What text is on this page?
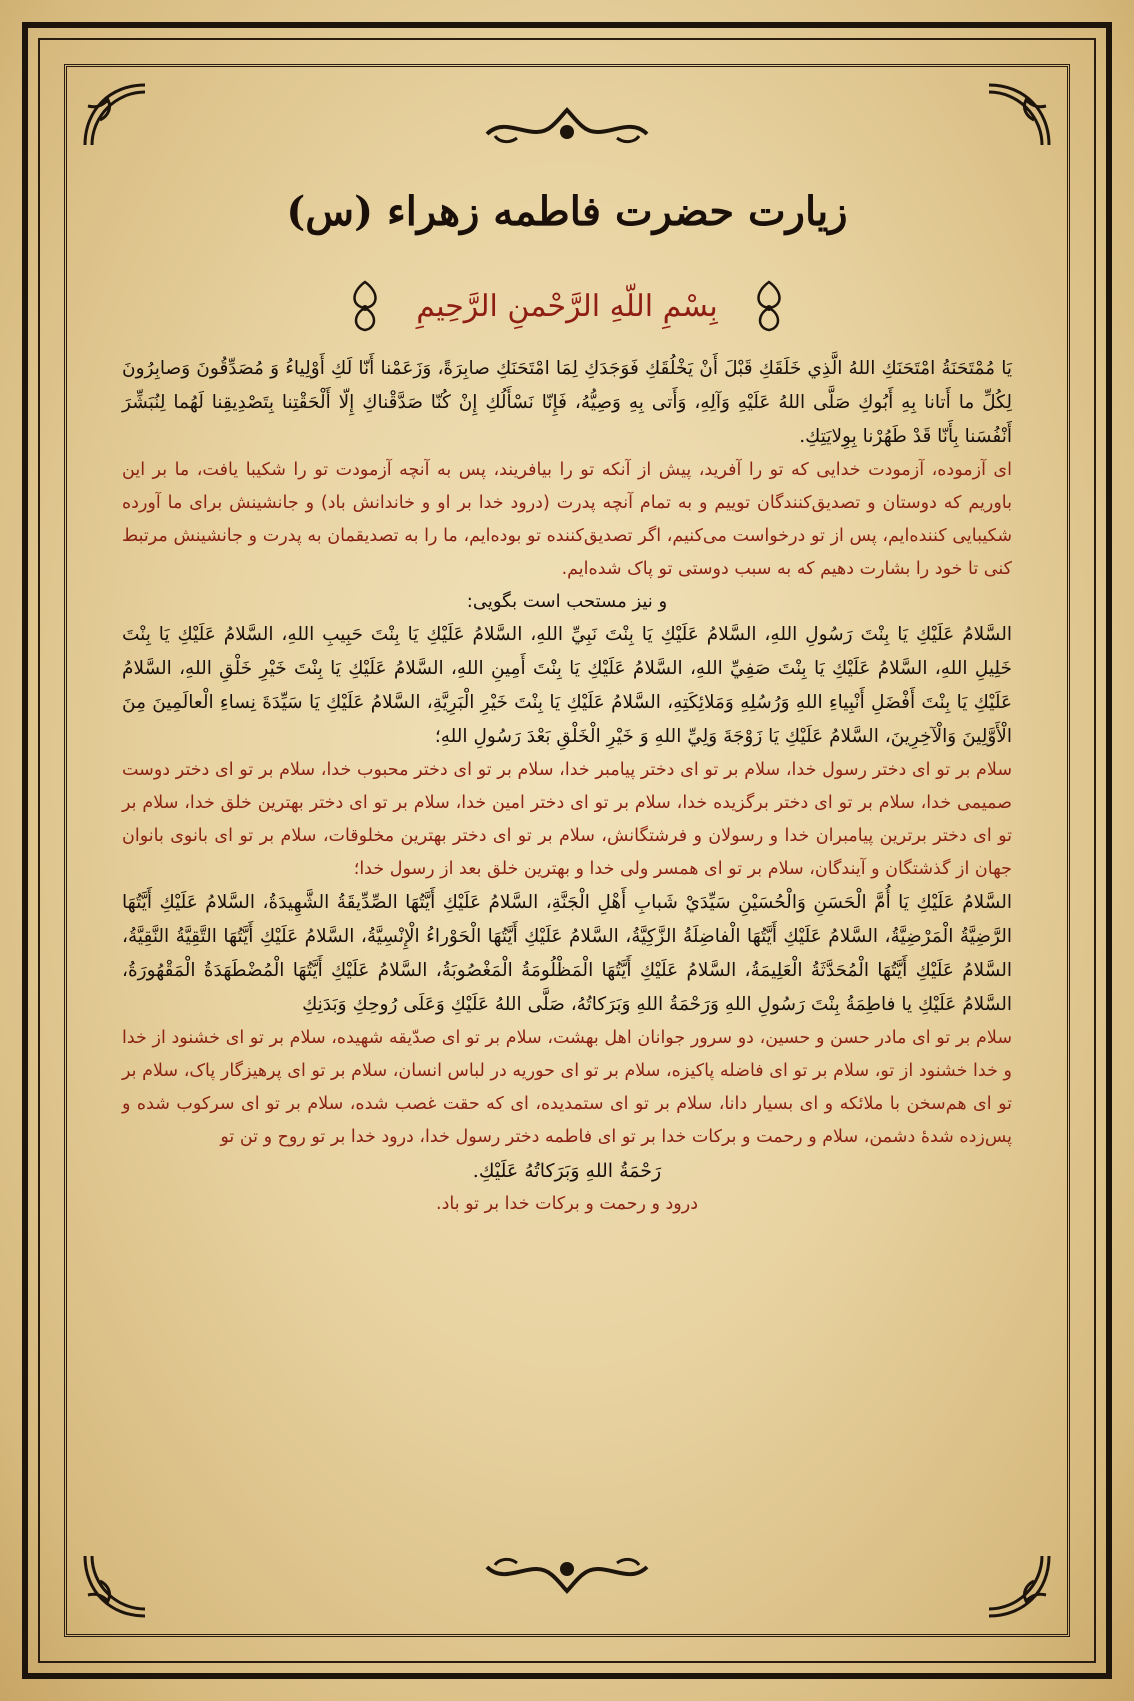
زیارت حضرت فاطمه زهراء (س)
بِسْمِ اللّهِ الرَّحْمنِ الرَّحِيمِ

يَا مُمْتَحَنَةُ امْتَحَنَكِ اللهُ الَّذِي خَلَقَكِ قَبْلَ أَنْ يَخْلُقَكِ فَوَجَدَكِ لِمَا امْتَحَنَكِ صابِرَةً، وَزَعَمْنا أَنّا لَكِ أَوْلِياءُ وَ مُصَدِّقُونَ وَصابِرُونَ لِكُلِّ ما أَتانا بِهِ أَبُوكِ صَلَّى اللهُ عَلَيْهِ وَآلِهِ، وَأَتى بِهِ وَصِيُّهُ، فَإِنّا نَسْأَلُكِ إِنْ كُنّا صَدَّقْناكِ إِلّا أَلْحَقْتِنا بِتَصْدِيقِنا لَهُما لِنُبَشِّرَ أَنْفُسَنا بِأَنّا قَدْ طَهُرْنا بِوِلايَتِكِ.

ای آزموده، آزمودت خدایی که تو را آفرید، پیش از آنکه تو را بیافریند، پس به آنچه آزمودت تو را شکیبا یافت، ما بر این باوریم که دوستان و تصدیق‌کنندگان توییم و به تمام آنچه پدرت (درود خدا بر او و خاندانش باد) و جانشینش برای ما آورده شکیبایی کننده‌ایم، پس از تو درخواست می‌کنیم، اگر تصدیق‌کننده تو بوده‌ایم، ما را به تصدیقمان به پدرت و جانشینش مرتبط کنی تا خود را بشارت دهیم که به سبب دوستی تو پاک شده‌ایم.

و نیز مستحب است بگویی:

السَّلامُ عَلَيْكِ يَا بِنْتَ رَسُولِ اللهِ، السَّلامُ عَلَيْكِ يَا بِنْتَ نَبِيِّ اللهِ، السَّلامُ عَلَيْكِ يَا بِنْتَ حَبِيبِ اللهِ، السَّلامُ عَلَيْكِ يَا بِنْتَ خَلِيلِ اللهِ، السَّلامُ عَلَيْكِ يَا بِنْتَ صَفِيِّ اللهِ، السَّلامُ عَلَيْكِ يَا بِنْتَ أَمِينِ اللهِ، السَّلامُ عَلَيْكِ يَا بِنْتَ خَيْرِ خَلْقِ اللهِ، السَّلامُ عَلَيْكِ يَا بِنْتَ أَفْضَلِ أَنْبِياءِ اللهِ وَرُسُلِهِ وَمَلائِكَتِهِ، السَّلامُ عَلَيْكِ يَا بِنْتَ خَيْرِ الْبَرِيَّةِ، السَّلامُ عَلَيْكِ يَا سَيِّدَةَ نِساءِ الْعالَمِينَ مِنَ الْأَوَّلِينَ وَالْآخِرِينَ، السَّلامُ عَلَيْكِ يَا زَوْجَةَ وَلِيِّ اللهِ وَ خَيْرِ الْخَلْقِ بَعْدَ رَسُولِ اللهِ؛

سلام بر تو ای دختر رسول خدا، سلام بر تو ای دختر پیامبر خدا، سلام بر تو ای دختر محبوب خدا، سلام بر تو ای دختر دوست صمیمی خدا، سلام بر تو ای دختر برگزیده خدا، سلام بر تو ای دختر امین خدا، سلام بر تو ای دختر بهترین خلق خدا، سلام بر تو ای دختر برترین پیامبران خدا و رسولان و فرشتگانش، سلام بر تو ای دختر بهترین مخلوقات، سلام بر تو ای بانوی بانوان جهان از گذشتگان و آیندگان، سلام بر تو ای همسر ولی خدا و بهترین خلق بعد از رسول خدا؛

السَّلامُ عَلَيْكِ يَا أُمَّ الْحَسَنِ وَالْحُسَيْنِ سَيِّدَيْ شَبابِ أَهْلِ الْجَنَّةِ، السَّلامُ عَلَيْكِ أَيَّتُهَا الصِّدِّيقَةُ الشَّهِيدَةُ، السَّلامُ عَلَيْكِ أَيَّتُهَا الرَّضِيَّةُ الْمَرْضِيَّةُ، السَّلامُ عَلَيْكِ أَيَّتُهَا الْفاضِلَةُ الزَّكِيَّةُ، السَّلامُ عَلَيْكِ أَيَّتُهَا الْحَوْراءُ الْإِنْسِيَّةُ، السَّلامُ عَلَيْكِ أَيَّتُهَا التَّقِيَّةُ النَّقِيَّةُ، السَّلامُ عَلَيْكِ أَيَّتُهَا الْمُحَدَّثَةُ الْعَلِيمَةُ، السَّلامُ عَلَيْكِ أَيَّتُهَا الْمَظْلُومَةُ الْمَغْصُوبَةُ، السَّلامُ عَلَيْكِ أَيَّتُهَا الْمُضْطَهَدَةُ الْمَقْهُورَةُ، السَّلامُ عَلَيْكِ يا فاطِمَةُ بِنْتَ رَسُولِ اللهِ وَرَحْمَةُ اللهِ وَبَرَكاتُهُ، صَلَّى اللهُ عَلَيْكِ وَعَلَى رُوحِكِ وَبَدَنِكِ

سلام بر تو ای مادر حسن و حسین، دو سرور جوانان اهل بهشت، سلام بر تو ای صدّیقه شهیده، سلام بر تو ای خشنود از خدا و خدا خشنود از تو، سلام بر تو ای فاضله پاکیزه، سلام بر تو ای حوریه در لباس انسان، سلام بر تو ای پرهیزگار پاک، سلام بر تو ای هم‌سخن با ملائکه و ای بسیار دانا، سلام بر تو ای ستمدیده، ای که حقت غصب شده، سلام بر تو ای سرکوب شده و پس‌زده شدهٔ دشمن، سلام و رحمت و برکات خدا بر تو ای فاطمه دختر رسول خدا، درود خدا بر تو روح و تن تو

رَحْمَةُ اللهِ وَبَرَكاتُهُ عَلَيْكِ.

درود و رحمت و برکات خدا بر تو باد.
